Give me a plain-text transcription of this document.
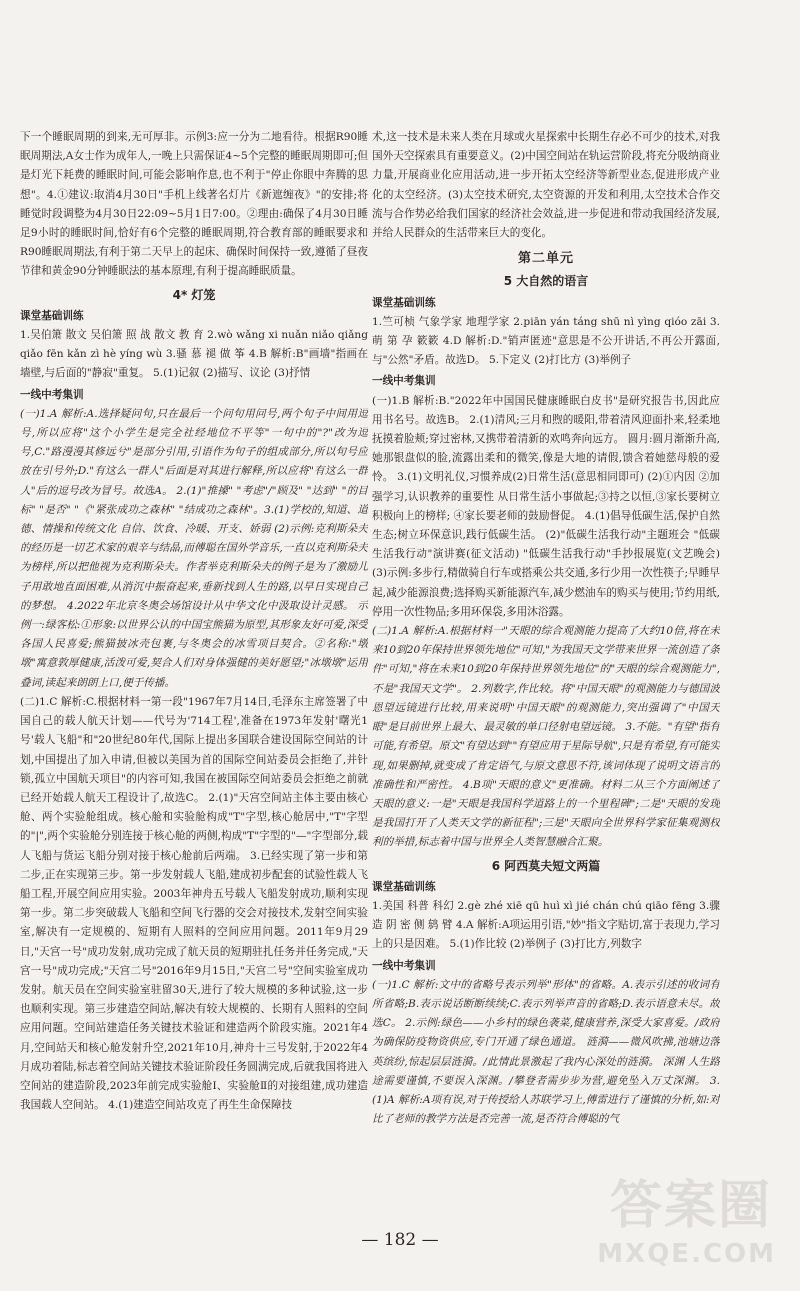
下一个睡眠周期的到来,无可厚非。示例3:应一分为二地看待。根据R90睡眠周期法,A女士作为成年人,一晚上只需保证4~5个完整的睡眠周期即可;但是灯光下耗费的睡眠时间,可能会影响作息,也不利于"停止你眼中奔腾的思想"。4.①建议:取消4月30日"手机上线著名灯片《新遮缠夜》"的安排;将睡觉时段调整为4月30日22:09~5月1日7:00。②理由:确保了4月30日睡足9小时的睡眠时间,恰好有6个完整的睡眠周期,符合教育部的睡眠要求和R90睡眠周期法,有利于第二天早上的起床、确保时间保持一致,遵循了昼夜节律和黄金90分钟睡眠法的基本原理,有利于提高睡眠质量。

4* 灯笼
课堂基础训练

1.吴伯箫 散文 吴伯箫 照 战 散文 教 育 2.wò wǎng xi nuǎn niǎo qiǎng qiǎo fēn kǎn zì hè yíng wù 3.骚 慕 褪 做 筝 4.B 解析:B"画墙"指画在墙壁,与后面的"静寂"重复。 5.(1)记叙 (2)描写、议论 (3)抒情

一线中考集训

(一)1.A 解析:A.选择疑问句,只在最后一个问句用问号,两个句子中间用逗号,所以应将"这个小学生是完全社经地位不平等"一句中的"?"改为逗号,C."路漫漫其修远兮"是部分引用,引语作为句子的组成部分,所以句号应放在引号外;D."有这么一群人"后面是对其进行解释,所以应将"有这么一群人"后的逗号改为冒号。故选A。 2.(1)"推搡" "考虑"/"顾及" "达到" "的目标" "是否" "《"紧张成功之森林" "结成功之森林"。3.(1)学校的,知道、道德、情操和传统文化 自信、饮食、冷暖、开支、娇弱 (2)示例:克利斯朵夫的经历是一切艺术家的艰辛与结晶,而傅聪在国外学音乐,一直以克利斯朵夫为榜样,所以把他视为克利斯朵夫。作者举克利斯朵夫的例子是为了激励儿子用敢地直面困难,从消沉中振奋起来,垂新找到人生的路,以早日实现自己的梦想。 4.2022年北京冬奥会场馆设计从中华文化中汲取设计灵感。 示例一:绿客松:①形象:以世界公认的中国宝熊猫为原型,其形象友好可爱,深受各国人民喜爱;熊猫披冰壳包裹,与冬奥会的冰雪项目契合。②名称:"墩墩"寓意敦厚健康,活泼可爱,契合人们对身体强健的美好愿望;"冰墩墩"运用叠词,读起来朗朗上口,便于传播。

(二)1.C 解析:C.根据材料一第一段"1967年7月14日,毛泽东主席签署了中国自己的载人航天计划——代号为'714工程',准备在1973年发射'曙光1号'载人飞船"和"20世纪80年代,国际上提出多国联合建设国际空间站的计划,中国提出了加入申请,但被以美国为首的国际空间站委员会拒绝了,并针锁,孤立中国航天项目"的内容可知,我国在被国际空间站委员会拒绝之前就已经开始载人航天工程设计了,故选C。 2.(1)"天宫空间站主体主要由核心舱、两个实验舱组成。核心舱和实验舱构成"T"字型,核心舱居中,"T"字型的"|",两个实验舱分别连接于核心舱的两侧,构成"T"字型的"—"字型部分,载人飞船与货运飞船分别对接于核心舱前后两端。 3.已经实现了第一步和第二步,正在实现第三步。第一步发射载人飞船,建成初步配套的试验性载人飞船工程,开展空间应用实验。2003年神舟五号载人飞船发射成功,顺利实现第一步。第二步突破载人飞船和空间飞行器的交会对接技术,发射空间实验室,解决有一定规模的、短期有人照料的空间应用问题。2011年9月29日,"天宫一号"成功发射,成功完成了航天员的短期驻扎任务并任务完成,"天宫一号"成功完成;"天宫二号"2016年9月15日,"天宫二号"空间实验室成功发射。航天员在空间实验室驻留30天,进行了较大规模的多种试验,这一步也顺利实现。第三步建造空间站,解决有较大规模的、长期有人照料的空间应用问题。空间站建造任务关键技术验证和建造两个阶段实施。2021年4月,空间站天和核心舱发射升空,2021年10月,神舟十三号发射,于2022年4月成功着陆,标志着空间站关键技术验证阶段任务圆满完成,后就我国将进入空间站的建造阶段,2023年前完成实验舱Ⅰ、实验舱Ⅱ的对接组建,成功建造我国载人空间站。 4.(1)建造空间站攻克了再生生命保障技

术,这一技术是未来人类在月球或火星探索中长期生存必不可少的技术,对我国外天空探索具有重要意义。(2)中国空间站在轨运营阶段,将充分吸纳商业力量,开展商业化应用活动,进一步开拓太空经济等新型业态,促进形成产业化的太空经济。(3)太空技术研究,太空资源的开发和利用,太空技术合作交流与合作势必给我们国家的经济社会效益,进一步促进和带动我国经济发展,并给人民群众的生活带来巨大的变化。

第二单元
5 大自然的语言
课堂基础训练

1.竺可桢 气象学家 地理学家 2.piān yán táng shū nì yìng qióo zāi 3.萌 第 孕 簌簌 4.D 解析:D."销声匿迹"意思是不公开讲话,不再公开露面,与"公然"矛盾。故选D。 5.下定义 (2)打比方 (3)举例子

一线中考集训

(一)1.B 解析:B."2022年中国国民健康睡眠白皮书"是研究报告书,因此应用书名号。故选B。 2.(1)清风;三月和煦的暖阳,带着清风迎面扑来,轻柔地抚摸着脸颊;穿过密林,又携带着清新的欢鸣奔向远方。 圆月:圆月渐渐升高,她那银盘似的脸,流露出柔和的微笑,像是大地的请假,馈含着她慈母般的爱怜。 3.(1)文明礼仪,习惯养成(2)日常生活(意思相同即可) (2)①内因 ②加强学习,认识教养的重要性 从日常生活小事做起;③持之以恒,③家长要树立积极向上的榜样; ④家长要老师的鼓励督促。 4.(1)倡导低碳生活,保护自然生态;树立环保意识,践行低碳生活。 (2)"低碳生活我行动"主题班会 "低碳生活我行动"演讲赛(征文活动) "低碳生活我行动"手抄报展览(文艺晚会) (3)示例:多步行,精做骑自行车或搭乘公共交通,多行少用一次性筷子;早睡早起,减少能源浪费;选择购买新能源汽车,减少燃油车的购买与使用;节约用纸,停用一次性物品;多用环保袋,多用沐浴露。

(二)1.A 解析:A.根据材料一"天眼的综合观测能力提高了大约10倍,将在未来10到20年保持世界领先地位"可知,"为我国天文学带来世界一流创造了条件"可知,"将在未来10到20年保持世界领先地位"的"天眼的综合观测能力",不是"我国天文学"。 2.列数字,作比较。将"中国天眼"的观测能力与德国波恩望远镜进行比较,用来说明"中国天眼"的观测能力,突出强调了"中国天眼"是目前世界上最大、最灵敏的单口径射电望远镜。 3.不能。"有望"指有可能,有希望。原文"有望达到""有望应用于星际导航",只是有希望,有可能实现,如果删掉,就变成了肯定语气,与原文意思不符,该词体现了说明文语言的准确性和严密性。 4.B项"天眼的意义"更准确。材料二从三个方面阐述了天眼的意义:一是"天眼是我国科学道路上的一个里程碑";二是"天眼的发现是我国打开了人类天文学的新征程";三是"天眼向全世界科学家征集观测权利的举措,标志着中国与世界全人类智慧融合汇聚。

6 阿西莫夫短文两篇
课堂基础训练

1.美国 科普 科幻 2.gè zhé xiē qū huì xì jié chán chú qiāo fēng 3.骤 造 阴 密 侧 鸫 臂 4.A 解析:A项运用引语,"妙"指文字贴切,富于表现力,学习上的只是因难。 5.(1)作比较 (2)举例子 (3)打比方,列数字

一线中考集训

(一)1.C 解析:文中的省略号表示列举"形体"的省略。A.表示引述的收词有所省略;B.表示说话断断续续;C.表示列举声音的省略;D.表示语意未尽。故选C。 2.示例:绿色——小乡村的绿色袭菜,健康营养,深受大家喜爱。/政府为确保防疫物资供应,专门开通了绿色通道。 涟漪——微风吹拂,池塘边落英缤纷,惊起层层涟漪。/此情此景激起了我内心深处的涟漪。 深渊 人生路途需要谨慎,不要误入深渊。/攀登者需步步为营,避免坠入万丈深渊。 3.(1)A 解析:A项有误,对于传授给人苏联学习上,傅雷进行了谨慎的分析,如:对比了老师的教学方法是否完善一流,是否符合傅聪的气

— 182 —
答案圈
MXQE.COM
